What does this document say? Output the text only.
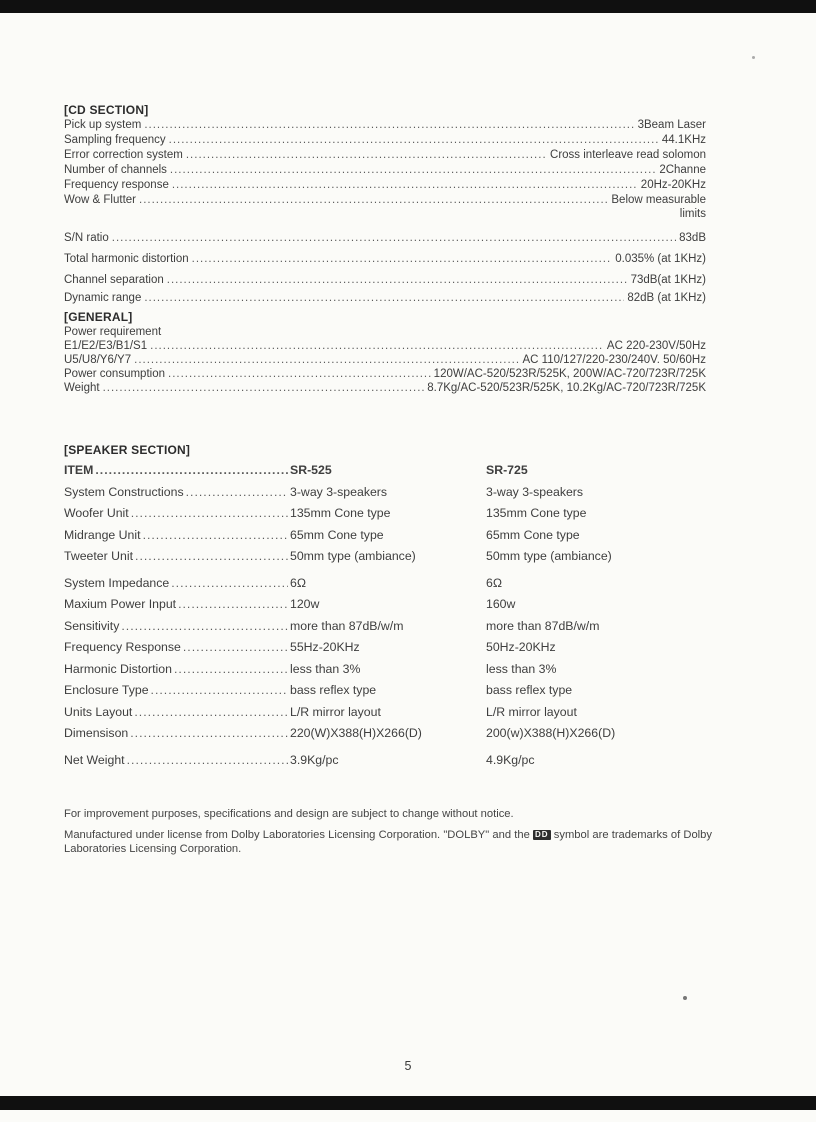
[CD SECTION]
Pick up system .....	3Beam Laser
Sampling frequency .....	44.1KHz
Error correction system .....	Cross interleave read solomon
Number of channels .....	2Channe
Frequency response .....	20Hz-20KHz
Wow & Flutter .....	Below measurable
limits
S/N ratio .....	83dB
Total harmonic distortion .....	0.035% (at 1KHz)
Channel separation .....	73dB(at 1KHz)
Dynamic range .....	82dB (at 1KHz)
[GENERAL]
Power requirement
E1/E2/E3/B1/S1 .....	AC 220-230V/50Hz
U5/U8/Y6/Y7 .....	AC 110/127/220-230/240V. 50/60Hz
Power consumption .....	120W/AC-520/523R/525K, 200W/AC-720/723R/725K
Weight .....	8.7Kg/AC-520/523R/525K, 10.2Kg/AC-720/723R/725K
[SPEAKER SECTION]
ITEM .....	SR-525	SR-725
System Constructions .....	3-way 3-speakers	3-way 3-speakers
Woofer Unit .....	135mm Cone type	135mm Cone type
Midrange Unit .....	65mm Cone type	65mm Cone type
Tweeter Unit .....	50mm type (ambiance)	50mm type (ambiance)
System Impedance .....	6Ω	6Ω
Maxium Power Input .....	120w	160w
Sensitivity .....	more than 87dB/w/m	more than 87dB/w/m
Frequency Response .....	55Hz-20KHz	50Hz-20KHz
Harmonic Distortion .....	less than 3%	less than 3%
Enclosure Type .....	bass reflex type	bass reflex type
Units Layout .....	L/R mirror layout	L/R mirror layout
Dimensison .....	220(W)X388(H)X266(D)	200(w)X388(H)X266(D)
Net Weight .....	3.9Kg/pc	4.9Kg/pc
For improvement purposes, specifications and design are subject to change without notice.
Manufactured under license from Dolby Laboratories Licensing Corporation. "DOLBY" and the DD symbol are trademarks of Dolby Laboratories Licensing Corporation.
5
